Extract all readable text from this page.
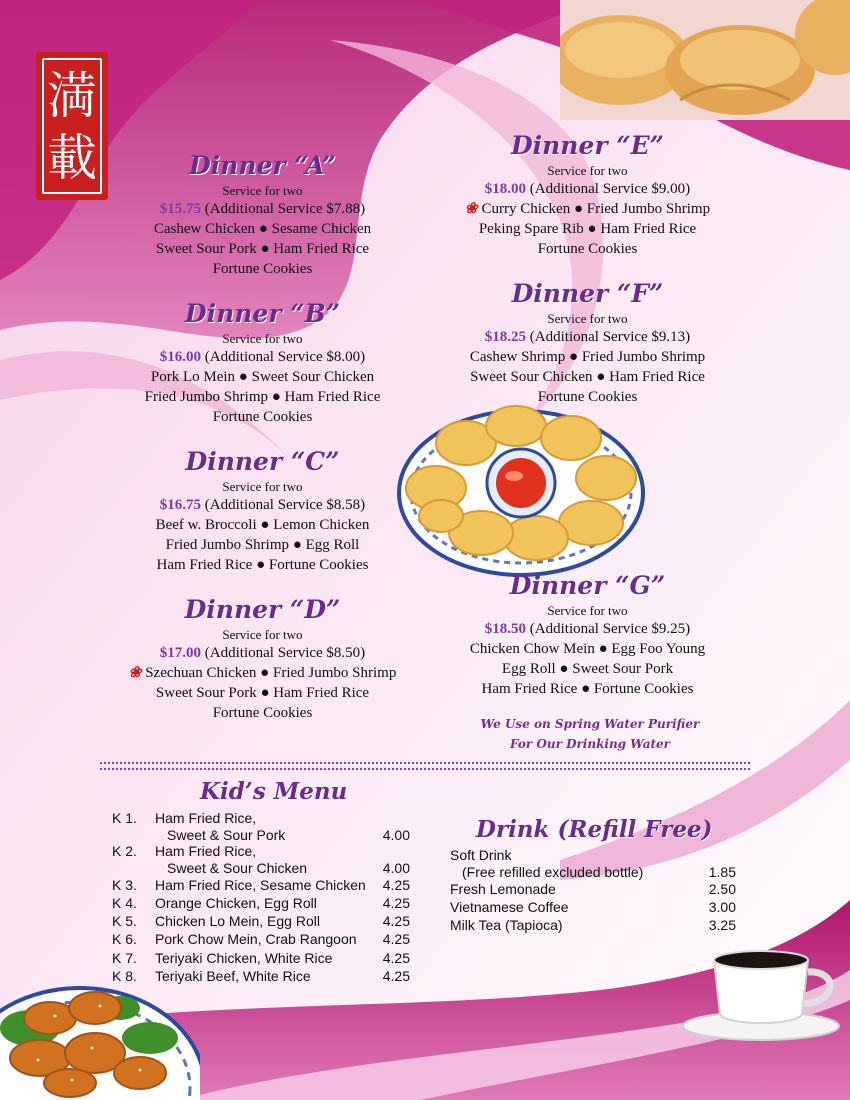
満
載	Dinner “A”
Service for two
$15.75 (Additional Service $7.88)
Cashew Chicken ● Sesame Chicken
Sweet Sour Pork ● Ham Fried Rice
Fortune Cookies
Dinner “B”
Service for two
$16.00 (Additional Service $8.00)
Pork Lo Mein ● Sweet Sour Chicken
Fried Jumbo Shrimp ● Ham Fried Rice
Fortune Cookies
Dinner “C”
Service for two
$16.75 (Additional Service $8.58)
Beef w. Broccoli ● Lemon Chicken
Fried Jumbo Shrimp ● Egg Roll
Ham Fried Rice ● Fortune Cookies
Dinner “D”
Service for two
$17.00 (Additional Service $8.50)
❀ Szechuan Chicken ● Fried Jumbo Shrimp
Sweet Sour Pork ● Ham Fried Rice
Fortune Cookies
Dinner “E”
Service for two
$18.00 (Additional Service $9.00)
❀ Curry Chicken ● Fried Jumbo Shrimp
Peking Spare Rib ● Ham Fried Rice
Fortune Cookies
Dinner “F”
Service for two
$18.25 (Additional Service $9.13)
Cashew Shrimp ● Fried Jumbo Shrimp
Sweet Sour Chicken ● Ham Fried Rice
Fortune Cookies
Dinner “G”
Service for two
$18.50 (Additional Service $9.25)
Chicken Chow Mein ● Egg Foo Young
Egg Roll ● Sweet Sour Pork
Ham Fried Rice ● Fortune Cookies
We Use on Spring Water Purifier
For Our Drinking Water
Kid’s Menu
K 1. Ham Fried Rice,
Sweet & Sour Pork	4.00
K 2. Ham Fried Rice,
Sweet & Sour Chicken	4.00
K 3. Ham Fried Rice, Sesame Chicken 4.25
K 4. Orange Chicken, Egg Roll	4.25
K 5. Chicken Lo Mein, Egg Roll	4.25
K 6. Pork Chow Mein, Crab Rangoon 4.25
K 7. Teriyaki Chicken, White Rice	4.25
K 8. Teriyaki Beef, White Rice	4.25
Drink (Refill Free)
Soft Drink
(Free refilled excluded bottle)	1.85
Fresh Lemonade	2.50
Vietnamese Coffee	3.00
Milk Tea (Tapioca)	3.25
